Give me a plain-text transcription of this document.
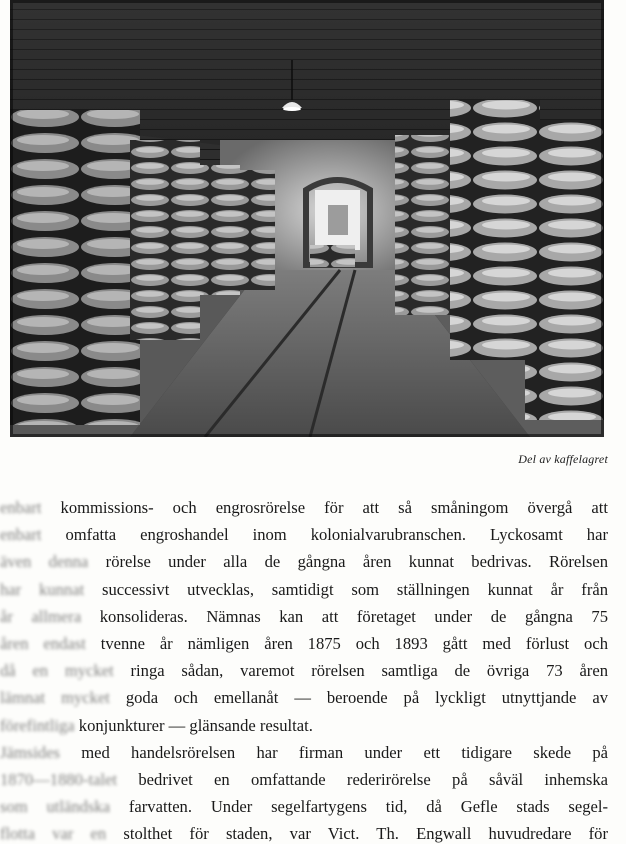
Del av kaffelagret
enbart kommissions- och engrosrörelse för att så småningom övergå att
enbart omfatta engroshandel inom kolonialvarubranschen. Lyckosamt har
även denna rörelse under alla de gångna åren kunnat bedrivas. Rörelsen
har kunnat successivt utvecklas, samtidigt som ställningen kunnat år från
år allmera konsolideras. Nämnas kan att företaget under de gångna 75
åren endast tvenne år nämligen åren 1875 och 1893 gått med förlust och
då en mycket ringa sådan, varemot rörelsen samtliga de övriga 73 åren
lämnat mycket goda och emellanåt — beroende på lyckligt utnyttjande av
förefintliga konjunkturer — glänsande resultat.
Jämsides med handelsrörelsen har firman under ett tidigare skede på
1870—1880-talet bedrivet en omfattande rederirörelse på såväl inhemska
som utländska farvatten. Under segelfartygens tid, då Gefle stads segel-
flotta var en stolthet för staden, var Vict. Th. Engwall huvudredare för
